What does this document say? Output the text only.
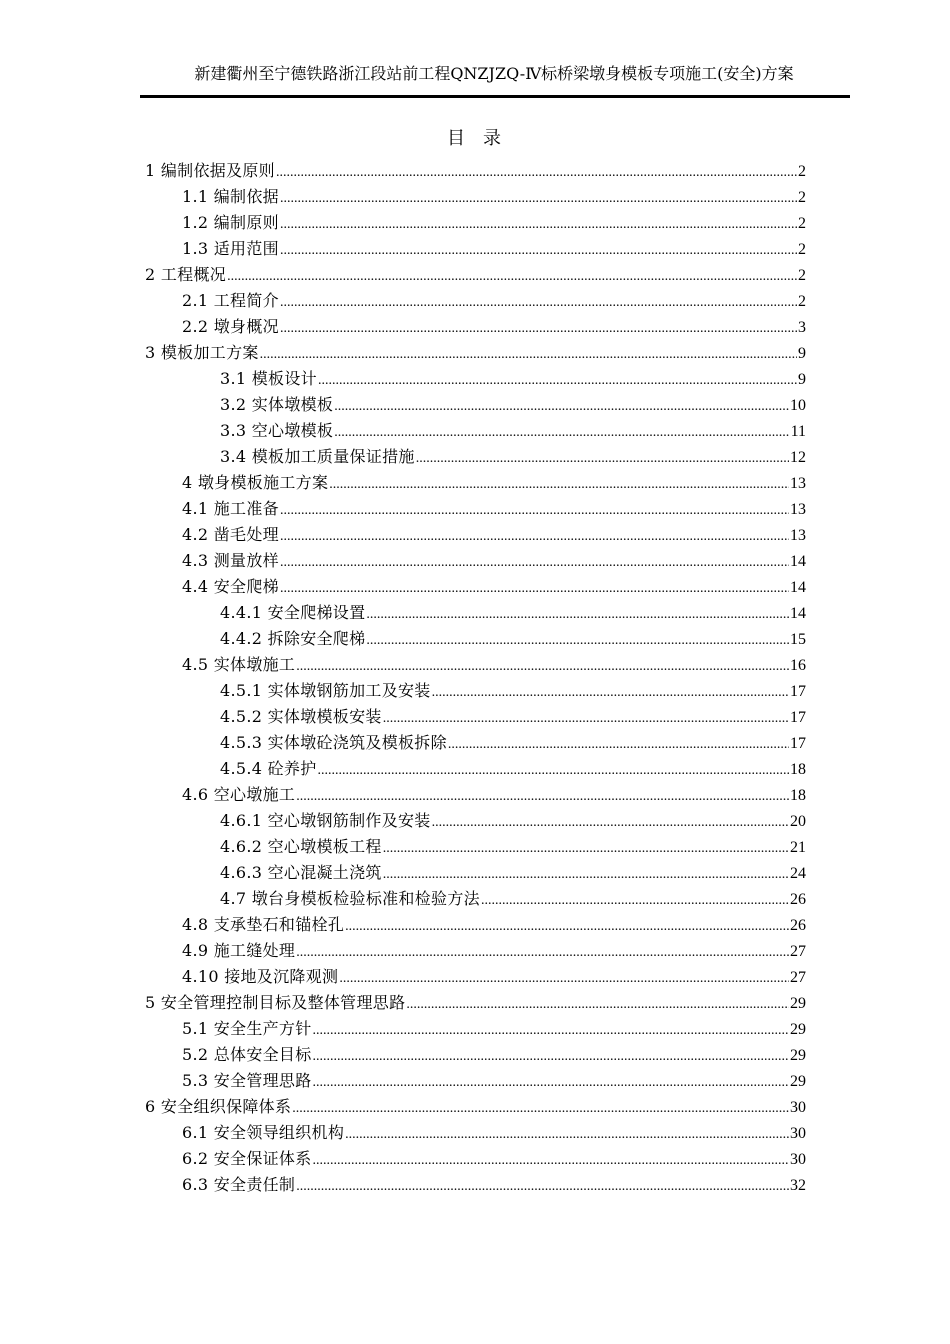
新建衢州至宁德铁路浙江段站前工程QNZJZQ-Ⅳ标桥梁墩身模板专项施工(安全)方案
目 录
1 编制依据及原则 .....	2
1.1 编制依据 .....	2
1.2 编制原则 .....	2
1.3 适用范围 .....	2
2 工程概况 .....	2
2.1 工程简介 .....	2
2.2 墩身概况 .....	3
3 模板加工方案 .....	9
3.1 模板设计 .....	9
3.2 实体墩模板 .....	10
3.3 空心墩模板 .....	11
3.4 模板加工质量保证措施 .....	12
4 墩身模板施工方案 .....	13
4.1 施工准备 .....	13
4.2 凿毛处理 .....	13
4.3 测量放样 .....	14
4.4 安全爬梯 .....	14
4.4.1 安全爬梯设置 .....	14
4.4.2 拆除安全爬梯 .....	15
4.5 实体墩施工 .....	16
4.5.1 实体墩钢筋加工及安装 .....	17
4.5.2 实体墩模板安装 .....	17
4.5.3 实体墩砼浇筑及模板拆除 .....	17
4.5.4 砼养护 .....	18
4.6 空心墩施工 .....	18
4.6.1 空心墩钢筋制作及安装 .....	20
4.6.2 空心墩模板工程 .....	21
4.6.3 空心混凝土浇筑 .....	24
4.7 墩台身模板检验标准和检验方法 .....	26
4.8 支承垫石和锚栓孔 .....	26
4.9 施工缝处理 .....	27
4.10 接地及沉降观测 .....	27
5 安全管理控制目标及整体管理思路 .....	29
5.1 安全生产方针 .....	29
5.2 总体安全目标 .....	29
5.3 安全管理思路 .....	29
6 安全组织保障体系 .....	30
6.1 安全领导组织机构 .....	30
6.2 安全保证体系 .....	30
6.3 安全责任制 .....	32
